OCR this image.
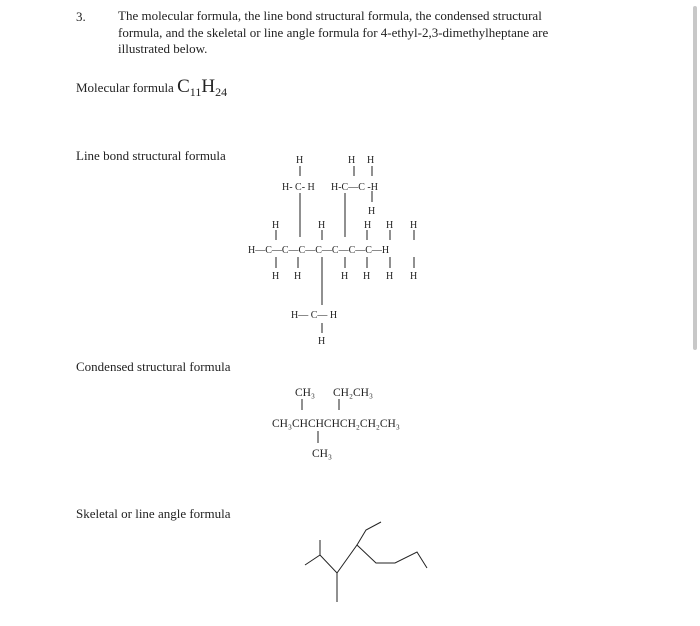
3. The molecular formula, the line bond structural formula, the condensed structural formula, and the skeletal or line angle formula for 4-ethyl-2,3-dimethylheptane are illustrated below.
Molecular formula $C_{11}H_{24}$
Line bond structural formula
Condensed structural formula
Skeletal or line angle formula
H	H H
H- C- H H-C—C -H
H
H	H	H H H
H—C—C—C—C—C—C—C—H
H H	H H H H
H— C— H
H
CH₃ CH₂CH₃
CH₃CHCHCHCH₂CH₂CH₃
CH₃
